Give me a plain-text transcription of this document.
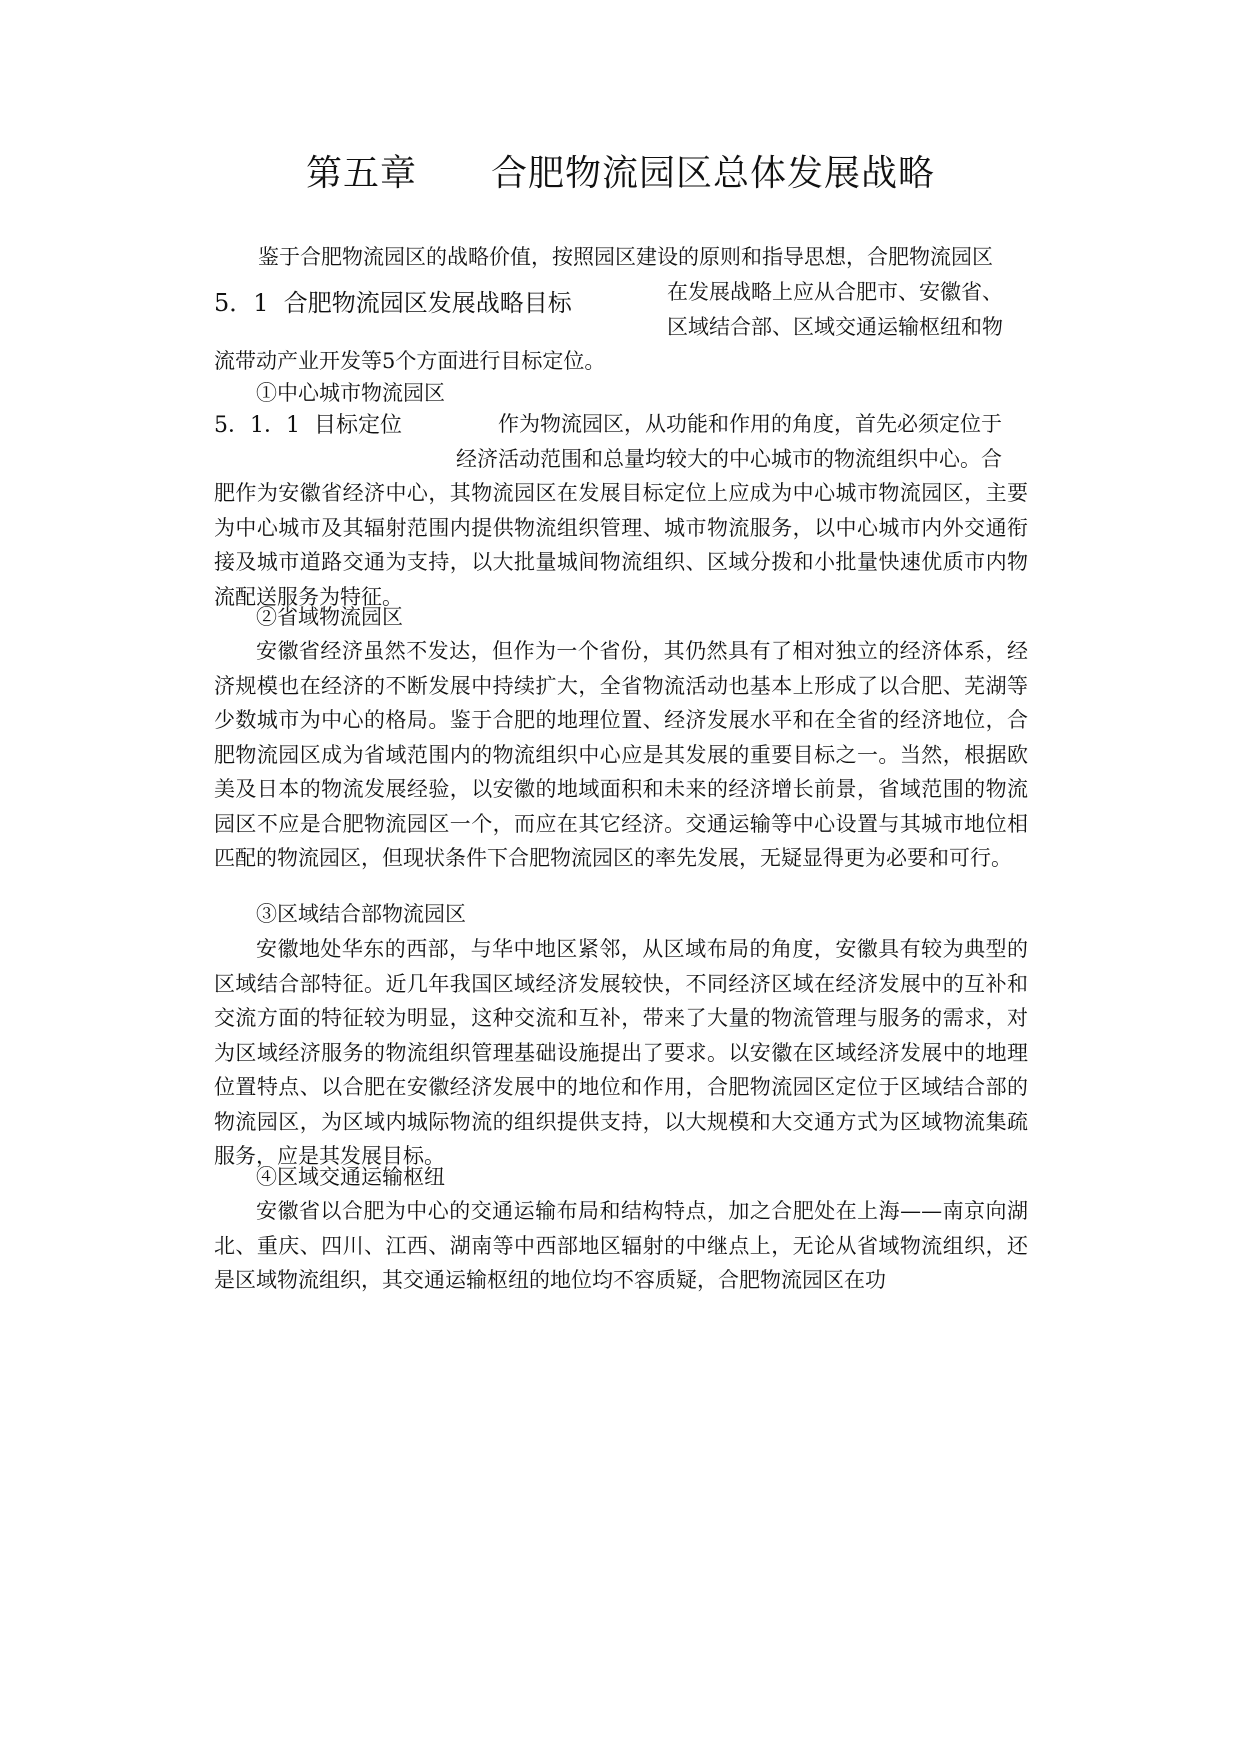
第五章　　合肥物流园区总体发展战略
鉴于合肥物流园区的战略价值，按照园区建设的原则和指导思想，合肥物流园区
5．1  合肥物流园区发展战略目标	在发展战略上应从合肥市、安徽省、
区域结合部、区域交通运输枢纽和物
流带动产业开发等5个方面进行目标定位。
①中心城市物流园区
5．1．1  目标定位	作为物流园区，从功能和作用的角度，首先必须定位于
经济活动范围和总量均较大的中心城市的物流组织中心。合
肥作为安徽省经济中心，其物流园区在发展目标定位上应成为中心城市物流园区，主要为中心城市及其辐射范围内提供物流组织管理、城市物流服务，以中心城市内外交通衔接及城市道路交通为支持，以大批量城间物流组织、区域分拨和小批量快速优质市内物流配送服务为特征。
②省域物流园区
安徽省经济虽然不发达，但作为一个省份，其仍然具有了相对独立的经济体系，经济规模也在经济的不断发展中持续扩大，全省物流活动也基本上形成了以合肥、芜湖等少数城市为中心的格局。鉴于合肥的地理位置、经济发展水平和在全省的经济地位，合肥物流园区成为省域范围内的物流组织中心应是其发展的重要目标之一。当然，根据欧美及日本的物流发展经验，以安徽的地域面积和未来的经济增长前景，省域范围的物流园区不应是合肥物流园区一个，而应在其它经济。交通运输等中心设置与其城市地位相匹配的物流园区，但现状条件下合肥物流园区的率先发展，无疑显得更为必要和可行。
③区域结合部物流园区
安徽地处华东的西部，与华中地区紧邻，从区域布局的角度，安徽具有较为典型的区域结合部特征。近几年我国区域经济发展较快，不同经济区域在经济发展中的互补和交流方面的特征较为明显，这种交流和互补，带来了大量的物流管理与服务的需求，对为区域经济服务的物流组织管理基础设施提出了要求。以安徽在区域经济发展中的地理位置特点、以合肥在安徽经济发展中的地位和作用，合肥物流园区定位于区域结合部的物流园区，为区域内城际物流的组织提供支持，以大规模和大交通方式为区域物流集疏服务，应是其发展目标。
④区域交通运输枢纽
安徽省以合肥为中心的交通运输布局和结构特点，加之合肥处在上海——南京向湖北、重庆、四川、江西、湖南等中西部地区辐射的中继点上，无论从省域物流组织，还是区域物流组织，其交通运输枢纽的地位均不容质疑，合肥物流园区在功
